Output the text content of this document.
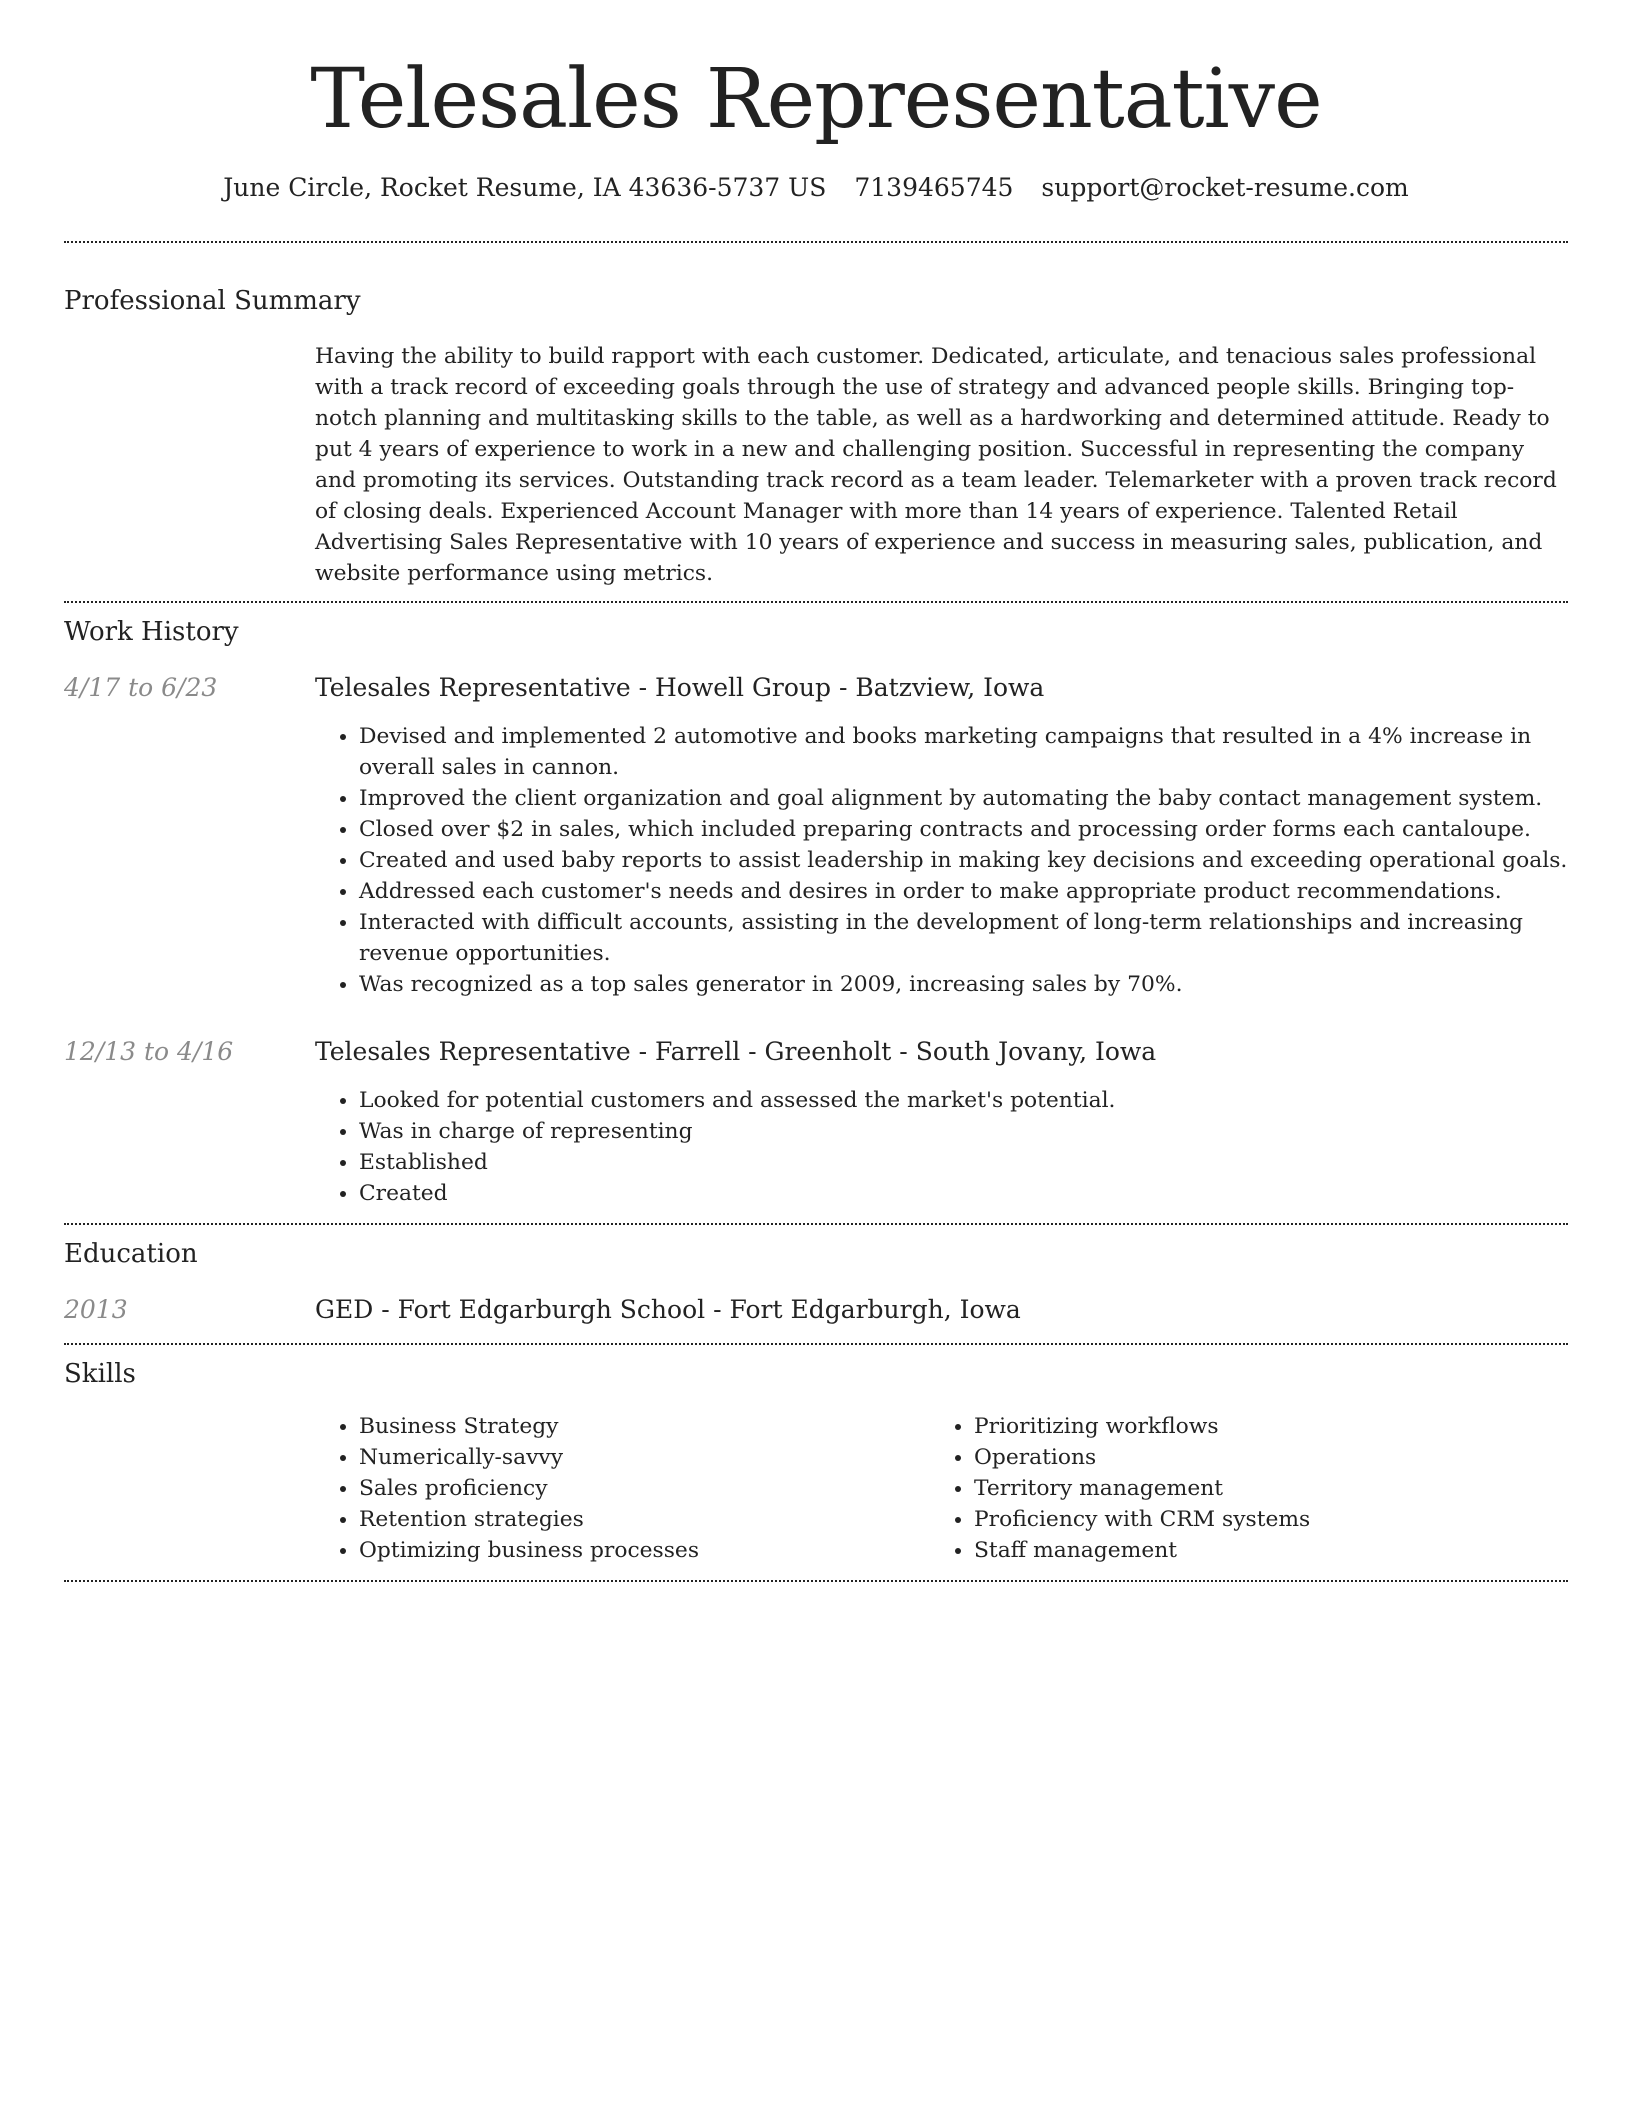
Telesales Representative
June Circle, Rocket Resume, IA 43636-5737 US 7139465745 support@rocket-resume.com
Professional Summary
Having the ability to build rapport with each customer. Dedicated, articulate, and tenacious sales professional with a track record of exceeding goals through the use of strategy and advanced people skills. Bringing top-notch planning and multitasking skills to the table, as well as a hardworking and determined attitude. Ready to put 4 years of experience to work in a new and challenging position. Successful in representing the company and promoting its services. Outstanding track record as a team leader. Telemarketer with a proven track record of closing deals. Experienced Account Manager with more than 14 years of experience. Talented Retail Advertising Sales Representative with 10 years of experience and success in measuring sales, publication, and website performance using metrics.
Work History
4/17 to 6/23	Telesales Representative - Howell Group - Batzview, Iowa
• Devised and implemented 2 automotive and books marketing campaigns that resulted in a 4% increase in overall sales in cannon.
• Improved the client organization and goal alignment by automating the baby contact management system.
• Closed over $2 in sales, which included preparing contracts and processing order forms each cantaloupe.
• Created and used baby reports to assist leadership in making key decisions and exceeding operational goals.
• Addressed each customer's needs and desires in order to make appropriate product recommendations.
• Interacted with difficult accounts, assisting in the development of long-term relationships and increasing revenue opportunities.
• Was recognized as a top sales generator in 2009, increasing sales by 70%.
12/13 to 4/16	Telesales Representative - Farrell - Greenholt - South Jovany, Iowa
• Looked for potential customers and assessed the market's potential.
• Was in charge of representing
• Established
• Created
Education
2013	GED - Fort Edgarburgh School - Fort Edgarburgh, Iowa
Skills
• Business Strategy
• Numerically-savvy
• Sales proficiency
• Retention strategies
• Optimizing business processes
• Prioritizing workflows
• Operations
• Territory management
• Proficiency with CRM systems
• Staff management
